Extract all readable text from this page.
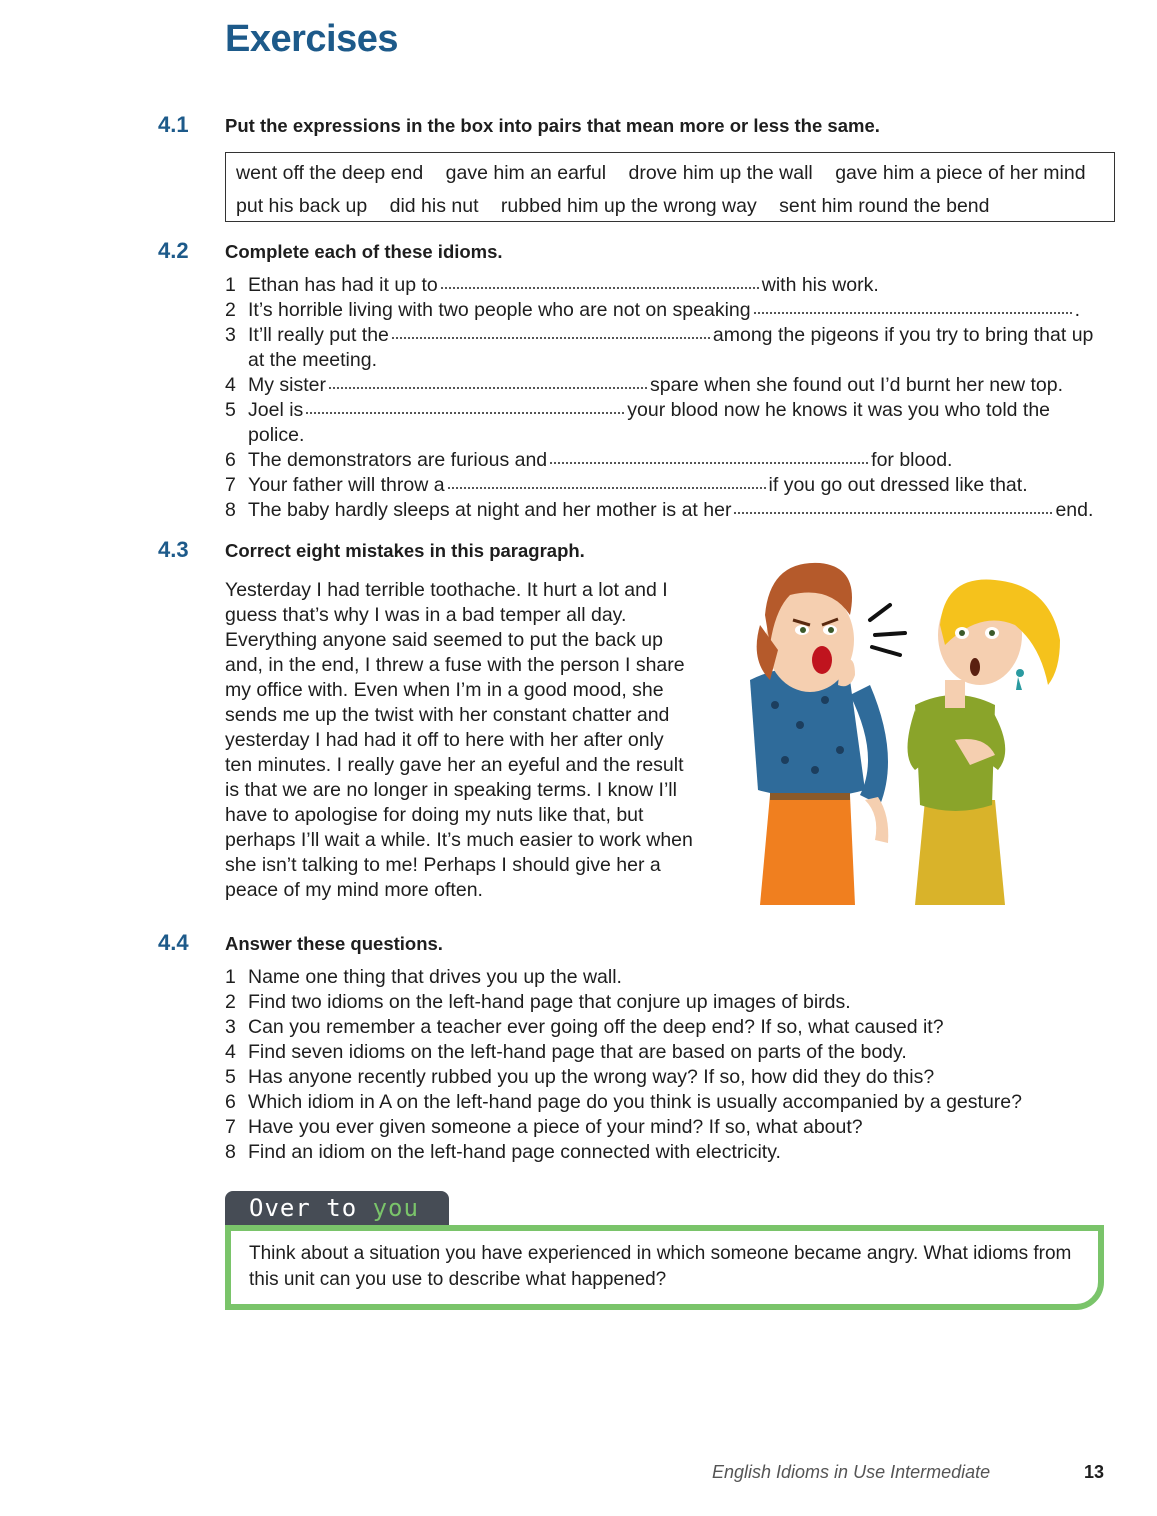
Exercises
4.1 Put the expressions in the box into pairs that mean more or less the same.
went off the deep end gave him an earful drove him up the wall gave him a piece of her mind
put his back up did his nut rubbed him up the wrong way sent him round the bend
4.2 Complete each of these idioms.
1 Ethan has had it up to	with his work.
2 It’s horrible living with two people who are not on speaking	.
3 It’ll really put the	among the pigeons if you try to bring that up at the meeting.
4 My sister	spare when she found out I’d burnt her new top.
5 Joel is	your blood now he knows it was you who told the police.
6 The demonstrators are furious and	for blood.
7 Your father will throw a	if you go out dressed like that.
8 The baby hardly sleeps at night and her mother is at her	end.
4.3 Correct eight mistakes in this paragraph.

Yesterday I had terrible toothache. It hurt a lot and I guess that’s why I was in a bad temper all day. Everything anyone said seemed to put the back up and, in the end, I threw a fuse with the person I share my office with. Even when I’m in a good mood, she sends me up the twist with her constant chatter and yesterday I had had it off to here with her after only ten minutes. I really gave her an eyeful and the result is that we are no longer in speaking terms. I know I’ll have to apologise for doing my nuts like that, but perhaps I’ll wait a while. It’s much easier to work when she isn’t talking to me! Perhaps I should give her a peace of my mind more often.

4.4 Answer these questions.
1 Name one thing that drives you up the wall.
2 Find two idioms on the left-hand page that conjure up images of birds.
3 Can you remember a teacher ever going off the deep end? If so, what caused it?
4 Find seven idioms on the left-hand page that are based on parts of the body.
5 Has anyone recently rubbed you up the wrong way? If so, how did they do this?
6 Which idiom in A on the left-hand page do you think is usually accompanied by a gesture?
7 Have you ever given someone a piece of your mind? If so, what about?
8 Find an idiom on the left-hand page connected with electricity.
Over to you
Think about a situation you have experienced in which someone became angry. What idioms from this unit can you use to describe what happened?
English Idioms in Use Intermediate	13
